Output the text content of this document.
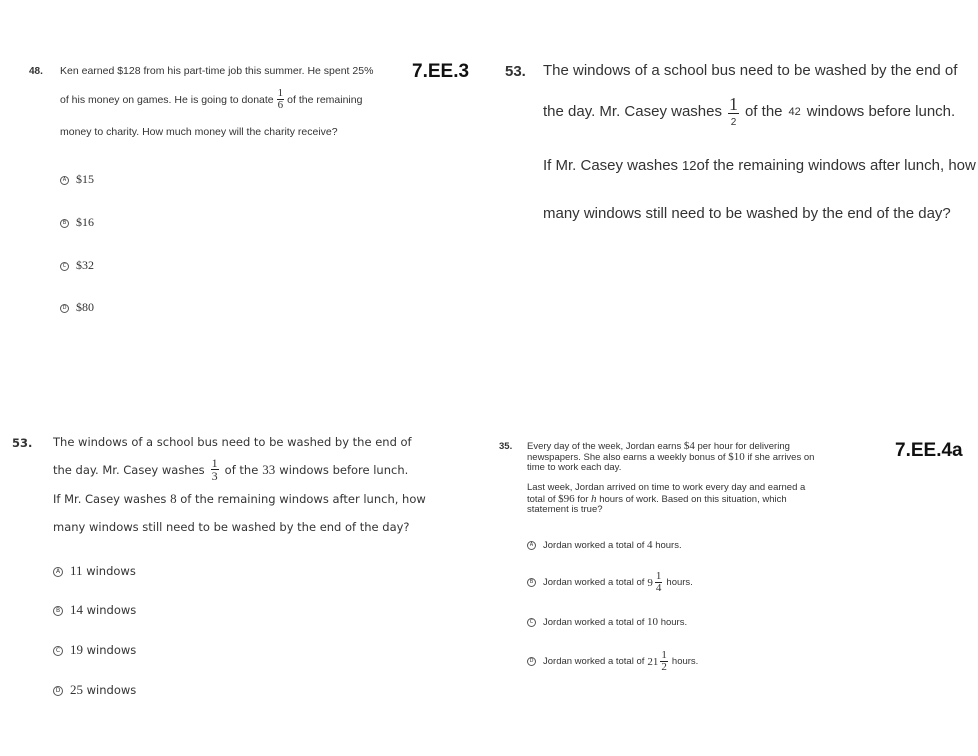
48. Ken earned $128 from his part-time job this summer. He spent 25%
of his money on games. He is going to donate $\frac{1}{6}$ of the remaining
money to charity. How much money will the charity receive?
A $15
B $16
C $32
D $80
7.EE.3 53. The windows of a school bus need to be washed by the end of
the day. Mr. Casey washes $\frac{1}{2}$ of the 42 windows before lunch.
If Mr. Casey washes 12of the remaining windows after lunch, how
many windows still need to be washed by the end of the day?
53. The windows of a school bus need to be washed by the end of
the day. Mr. Casey washes $\frac{1}{3}$ of the 33 windows before lunch.
If Mr. Casey washes 8 of the remaining windows after lunch, how
many windows still need to be washed by the end of the day?
A 11 windows
B 14 windows
C 19 windows
D 25 windows
35. Every day of the week, Jordan earns $4 per hour for delivering
newspapers. She also earns a weekly bonus of $10 if she arrives on
time to work each day.
Last week, Jordan arrived on time to work every day and earned a
total of $96 for h hours of work. Based on this situation, which
statement is true?
A Jordan worked a total of 4 hours.
B Jordan worked a total of $9 \frac{1}{4}$ hours.
C Jordan worked a total of 10 hours.
D Jordan worked a total of $21 \frac{1}{2}$ hours.
7.EE.4a
